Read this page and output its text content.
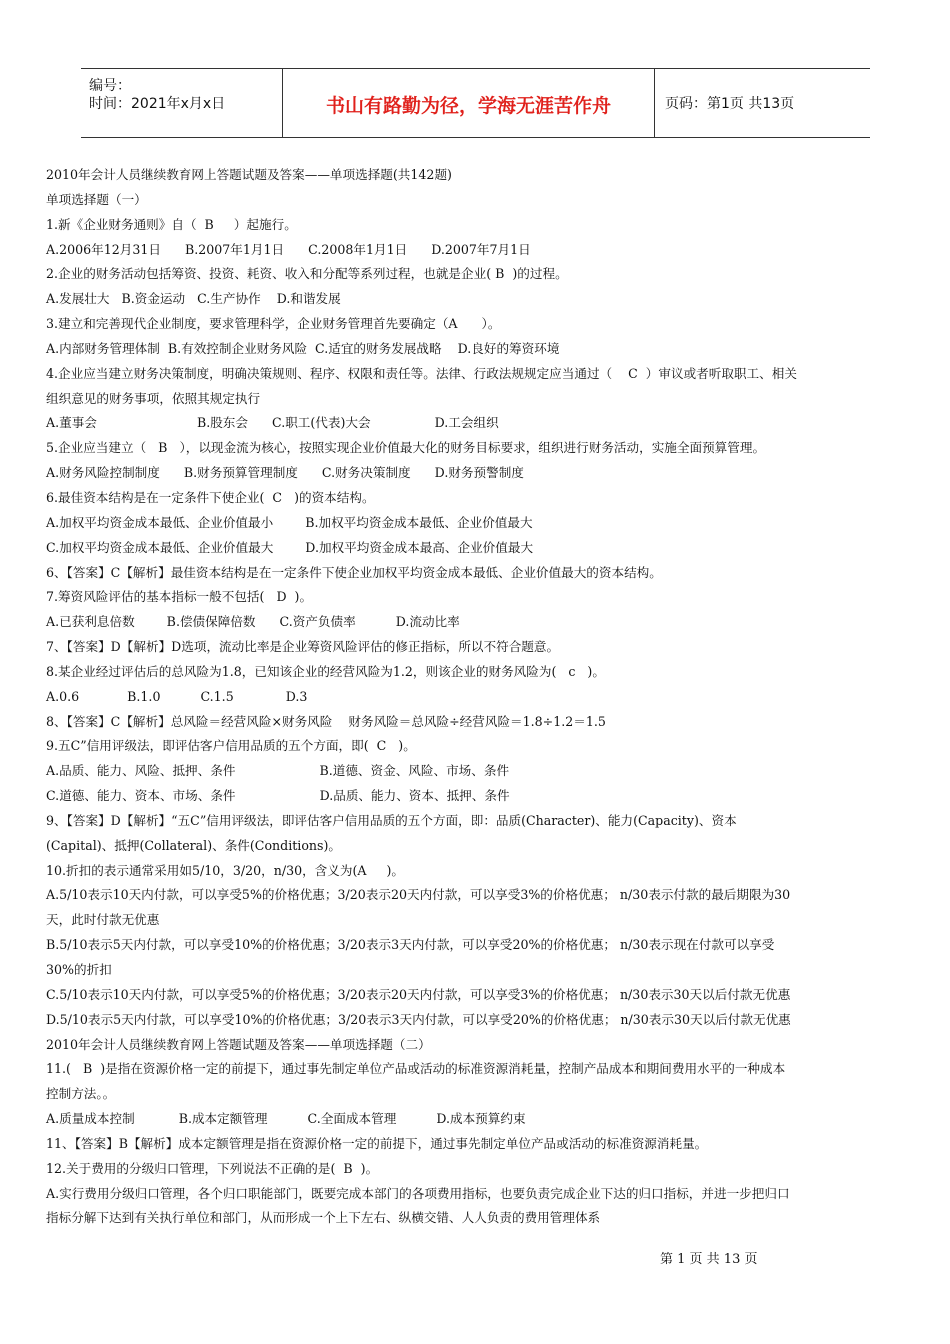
编号：
时间：2021年x月x日	书山有路勤为径，学海无涯苦作舟	页码：第1页 共13页
2010年会计人员继续教育网上答题试题及答案——单项选择题(共142题)
单项选择题（一）
1.新《企业财务通则》自（  B     ）起施行。
A.2006年12月31日      B.2007年1月1日      C.2008年1月1日      D.2007年7月1日
2.企业的财务活动包括筹资、投资、耗资、收入和分配等系列过程，也就是企业( B  )的过程。
A.发展壮大   B.资金运动   C.生产协作    D.和谐发展
3.建立和完善现代企业制度，要求管理科学，企业财务管理首先要确定（A      ）。
A.内部财务管理体制  B.有效控制企业财务风险  C.适宜的财务发展战略    D.良好的筹资环境
4.企业应当建立财务决策制度，明确决策规则、程序、权限和责任等。法律、行政法规规定应当通过（    C  ）审议或者听取职工、相关
组织意见的财务事项，依照其规定执行
A.董事会                         B.股东会      C.职工(代表)大会                D.工会组织
5.企业应当建立（   B   ），以现金流为核心，按照实现企业价值最大化的财务目标要求，组织进行财务活动，实施全面预算管理。
A.财务风险控制制度      B.财务预算管理制度      C.财务决策制度      D.财务预警制度
6.最佳资本结构是在一定条件下使企业(  C   )的资本结构。
A.加权平均资金成本最低、企业价值最小        B.加权平均资金成本最低、企业价值最大
C.加权平均资金成本最低、企业价值最大        D.加权平均资金成本最高、企业价值最大
6、【答案】C【解析】最佳资本结构是在一定条件下使企业加权平均资金成本最低、企业价值最大的资本结构。
7.筹资风险评估的基本指标一般不包括(   D  )。
A.已获利息倍数        B.偿债保障倍数      C.资产负债率          D.流动比率
7、【答案】D【解析】D选项，流动比率是企业筹资风险评估的修正指标，所以不符合题意。
8.某企业经过评估后的总风险为1.8，已知该企业的经营风险为1.2，则该企业的财务风险为(   c   )。
A.0.6            B.1.0          C.1.5             D.3
8、【答案】C【解析】总风险＝经营风险×财务风险    财务风险＝总风险÷经营风险＝1.8÷1.2＝1.5
9.五C”信用评级法，即评估客户信用品质的五个方面，即(  C   )。
A.品质、能力、风险、抵押、条件                     B.道德、资金、风险、市场、条件
C.道德、能力、资本、市场、条件                     D.品质、能力、资本、抵押、条件
9、【答案】D【解析】“五C”信用评级法，即评估客户信用品质的五个方面，即：品质(Character)、能力(Capacity)、资本
(Capital)、抵押(Collateral)、条件(Conditions)。
10.折扣的表示通常采用如5/10，3/20，n/30，含义为(A     )。
A.5/10表示10天内付款，可以享受5%的价格优惠；3/20表示20天内付款，可以享受3%的价格优惠； n/30表示付款的最后期限为30
天，此时付款无优惠
B.5/10表示5天内付款，可以享受10%的价格优惠；3/20表示3天内付款，可以享受20%的价格优惠； n/30表示现在付款可以享受
30%的折扣
C.5/10表示10天内付款，可以享受5%的价格优惠；3/20表示20天内付款，可以享受3%的价格优惠； n/30表示30天以后付款无优惠
D.5/10表示5天内付款，可以享受10%的价格优惠；3/20表示3天内付款，可以享受20%的价格优惠； n/30表示30天以后付款无优惠
2010年会计人员继续教育网上答题试题及答案——单项选择题（二）
11.(   B  )是指在资源价格一定的前提下，通过事先制定单位产品或活动的标准资源消耗量，控制产品成本和期间费用水平的一种成本
控制方法。。
A.质量成本控制           B.成本定额管理          C.全面成本管理          D.成本预算约束
11、【答案】B【解析】成本定额管理是指在资源价格一定的前提下，通过事先制定单位产品或活动的标准资源消耗量。
12.关于费用的分级归口管理，下列说法不正确的是(  B  )。
A.实行费用分级归口管理，各个归口职能部门，既要完成本部门的各项费用指标，也要负责完成企业下达的归口指标，并进一步把归口
指标分解下达到有关执行单位和部门，从而形成一个上下左右、纵横交错、人人负责的费用管理体系
第 1 页 共 13 页
